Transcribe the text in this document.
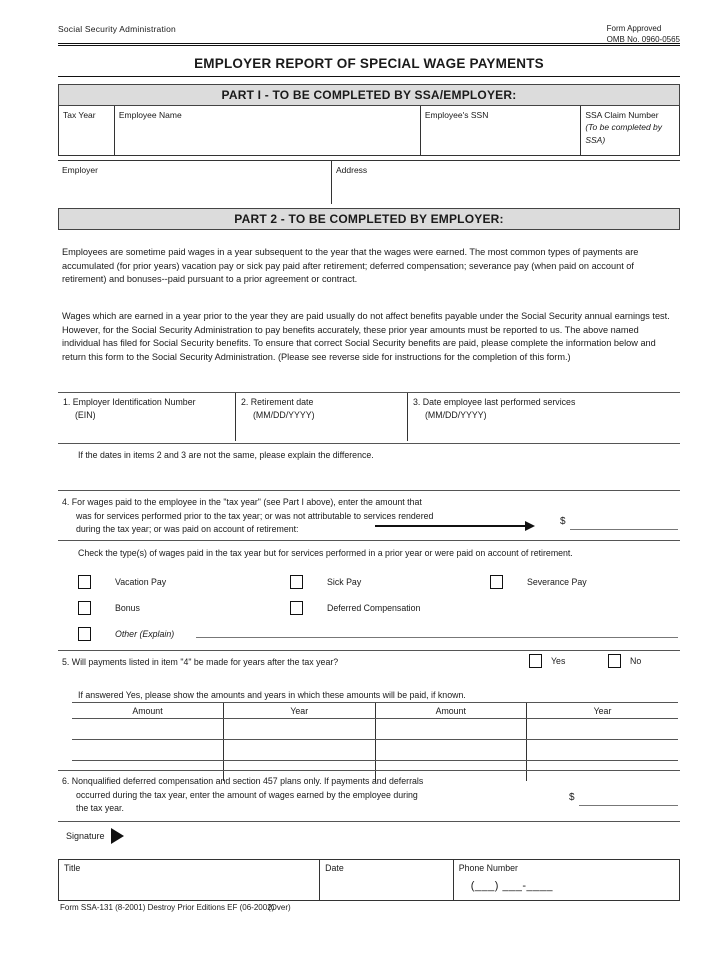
Social Security Administration	Form Approved
OMB No. 0960-0565
EMPLOYER REPORT OF SPECIAL WAGE PAYMENTS
PART I - TO BE COMPLETED BY SSA/EMPLOYER:
Tax Year	Employee Name	Employee's SSN	SSA Claim Number
(To be completed by SSA)
Employer	Address
PART 2 - TO BE COMPLETED BY EMPLOYER:
Employees are sometime paid wages in a year subsequent to the year that the wages were earned. The most common types of payments are accumulated (for prior years) vacation pay or sick pay paid after retirement; deferred compensation; severance pay (when paid on account of retirement) and bonuses--paid pursuant to a prior agreement or contract.
Wages which are earned in a year prior to the year they are paid usually do not affect benefits payable under the Social Security annual earnings test. However, for the Social Security Administration to pay benefits accurately, these prior year amounts must be reported to us. The above named individual has filed for Social Security benefits. To ensure that correct Social Security benefits are paid, please complete the information below and return this form to the Social Security Administration. (Please see reverse side for instructions for the completion of this form.)
1. Employer Identification Number
(EIN)
2. Retirement date
(MM/DD/YYYY)
3. Date employee last performed services
(MM/DD/YYYY)
If the dates in items 2 and 3 are not the same, please explain the difference.
4. For wages paid to the employee in the "tax year" (see Part I above), enter the amount that
was for services performed prior to the tax year; or was not attributable to services rendered
during the tax year; or was paid on account of retirement:
$
Check the type(s) of wages paid in the tax year but for services performed in a prior year or were paid on account of retirement.
Vacation Pay	Sick Pay	Severance Pay
Bonus	Deferred Compensation
Other (Explain)
5. Will payments listed in item "4" be made for years after the tax year?	Yes	No
If answered Yes, please show the amounts and years in which these amounts will be paid, if known.
Amount	Year	Amount	Year

6. Nonqualified deferred compensation and section 457 plans only. If payments and deferrals
occurred during the tax year, enter the amount of wages earned by the employee during
the tax year.
$
Signature
Title	Date	Phone Number
(___) ___-____
Form SSA-131 (8-2001) Destroy Prior Editions EF (06-2002)
(Over)
